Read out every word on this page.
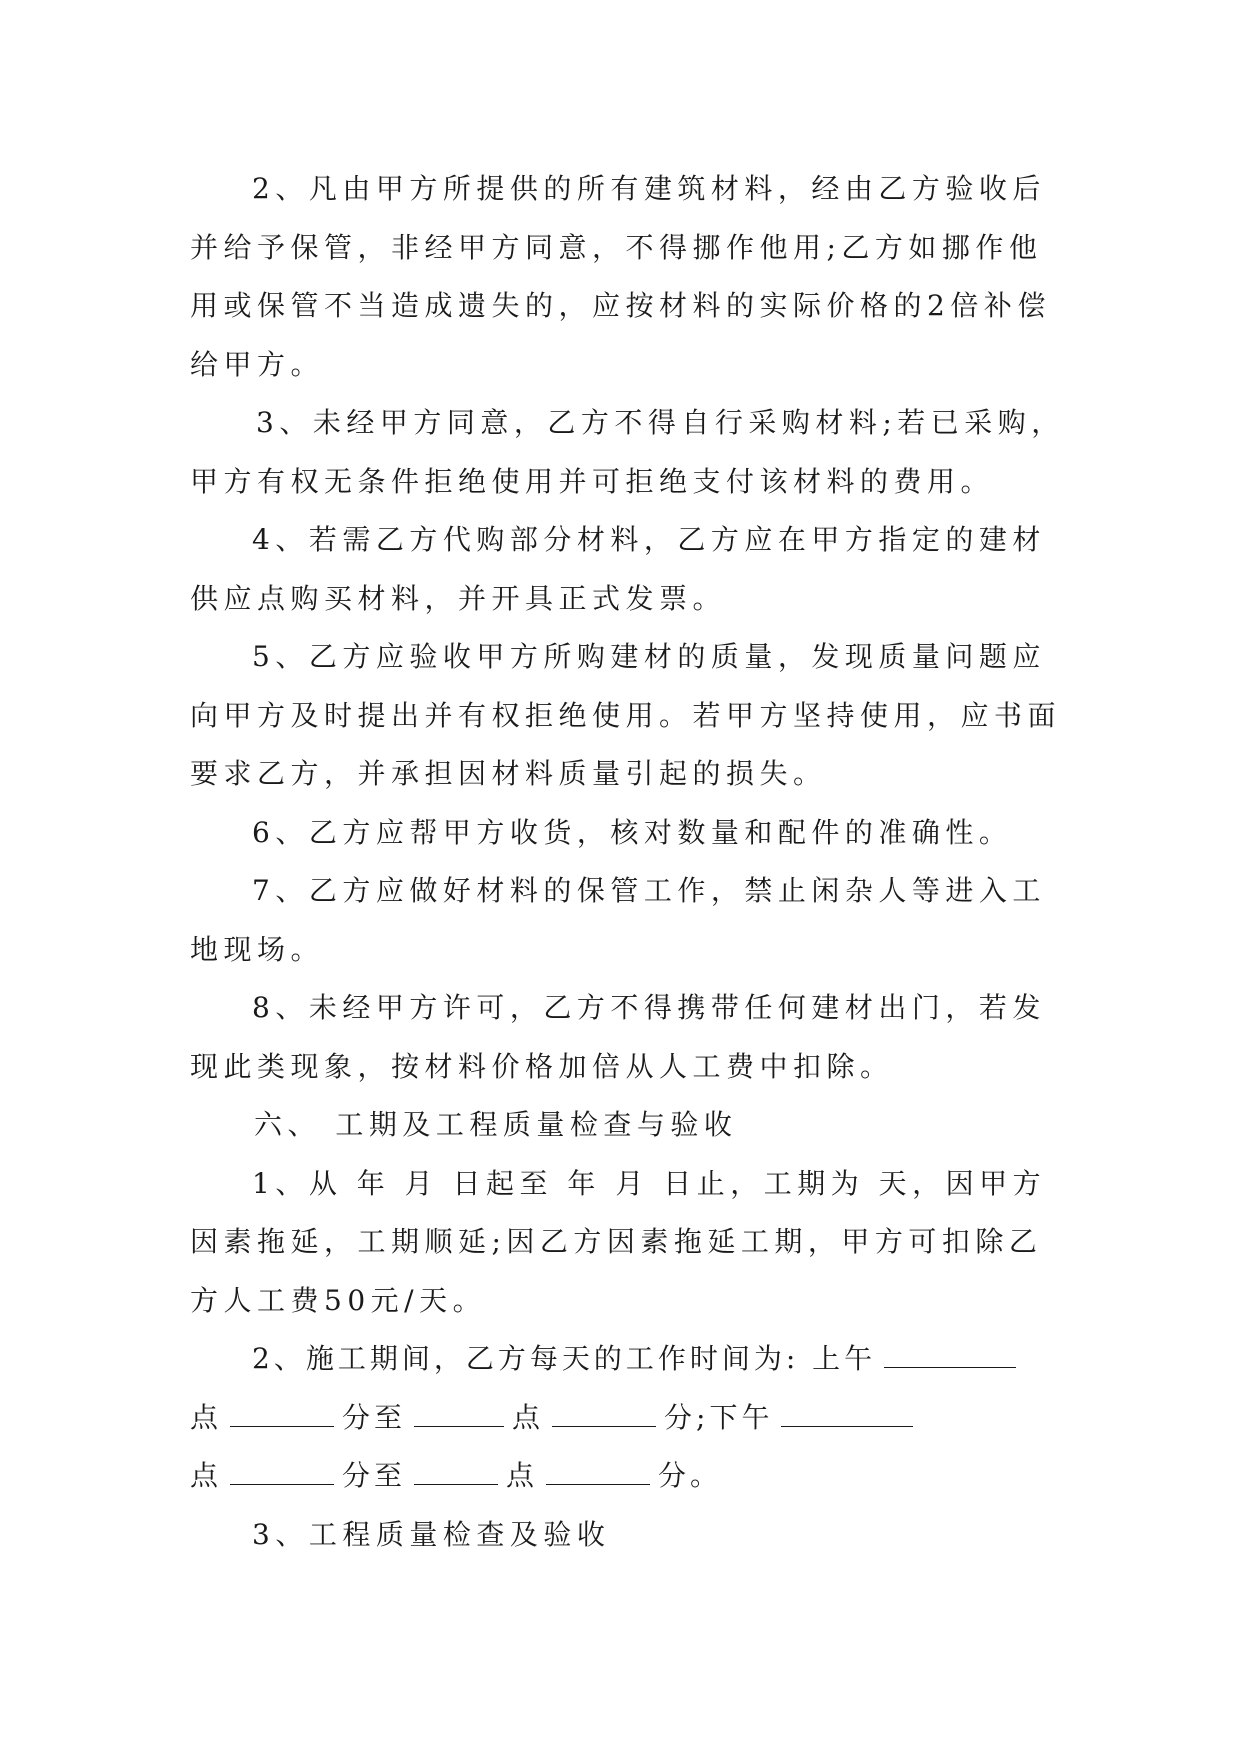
2、凡由甲方所提供的所有建筑材料，经由乙方验收后

并给予保管，非经甲方同意，不得挪作他用;乙方如挪作他

用或保管不当造成遗失的，应按材料的实际价格的2倍补偿

给甲方。

3、未经甲方同意，乙方不得自行采购材料;若已采购，

甲方有权无条件拒绝使用并可拒绝支付该材料的费用。

4、若需乙方代购部分材料，乙方应在甲方指定的建材

供应点购买材料，并开具正式发票。

5、乙方应验收甲方所购建材的质量，发现质量问题应

向甲方及时提出并有权拒绝使用。若甲方坚持使用，应书面

要求乙方，并承担因材料质量引起的损失。

6、乙方应帮甲方收货，核对数量和配件的准确性。

7、乙方应做好材料的保管工作，禁止闲杂人等进入工

地现场。

8、未经甲方许可，乙方不得携带任何建材出门，若发

现此类现象，按材料价格加倍从人工费中扣除。

六、 工期及工程质量检查与验收

1、从 年 月 日起至 年 月 日止，工期为 天，因甲方

因素拖延，工期顺延;因乙方因素拖延工期，甲方可扣除乙

方人工费50元/天。

2、施工期间，乙方每天的工作时间为: 上午

点	分至	点	分;下午

点	分至	点	分。

3、工程质量检查及验收
